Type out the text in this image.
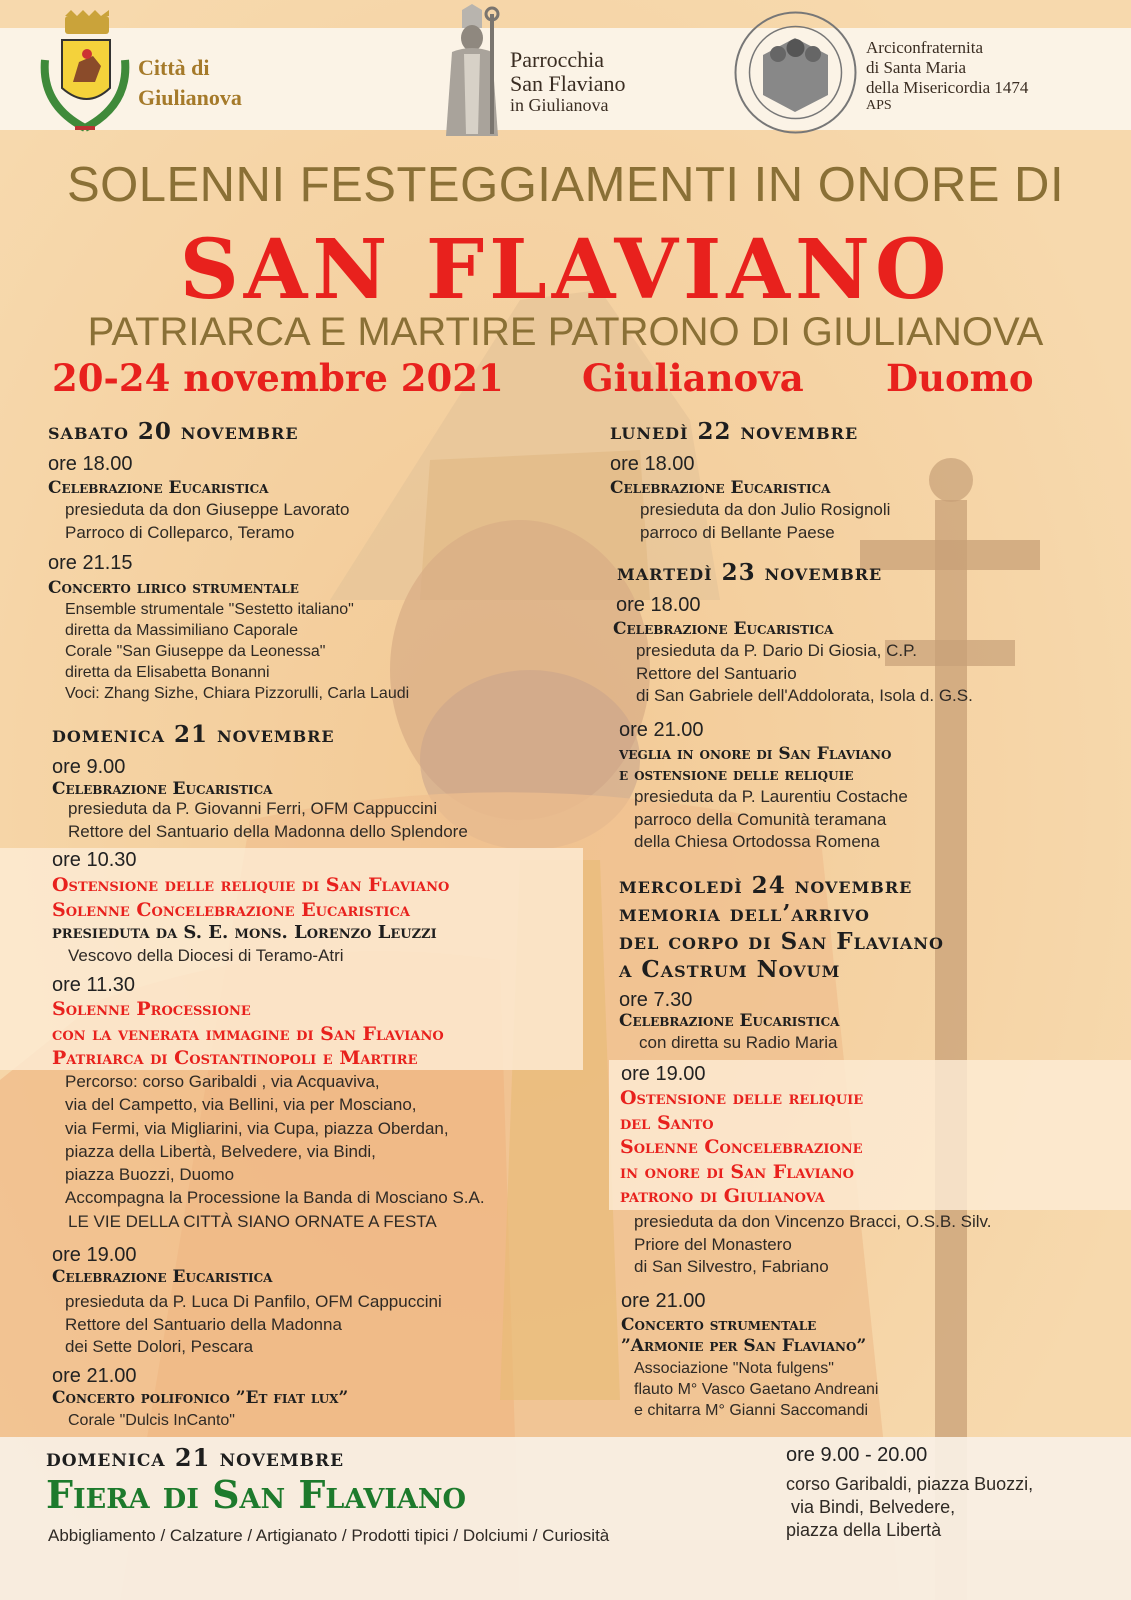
Città di
Giulianova
Parrocchia
San Flaviano
in Giulianova
Arciconfraternita
di Santa Maria
della Misericordia 1474
APS
SOLENNI FESTEGGIAMENTI IN ONORE DI
SAN FLAVIANO
PATRIARCA E MARTIRE PATRONO DI GIULIANOVA
20-24 novembre 2021 Giulianova Duomo
sabato 20 novembre
ore 18.00
Celebrazione Eucaristica
presieduta da don Giuseppe Lavorato
Parroco di Colleparco, Teramo
ore 21.15
Concerto lirico strumentale
Ensemble strumentale "Sestetto italiano"
diretta da Massimiliano Caporale
Corale "San Giuseppe da Leonessa"
diretta da Elisabetta Bonanni
Voci: Zhang Sizhe, Chiara Pizzorulli, Carla Laudi
domenica 21 novembre
ore 9.00
Celebrazione Eucaristica
presieduta da P. Giovanni Ferri, OFM Cappuccini
Rettore del Santuario della Madonna dello Splendore
ore 10.30
Ostensione delle reliquie di San Flaviano
Solenne Concelebrazione Eucaristica
presieduta da S. E. mons. Lorenzo Leuzzi
Vescovo della Diocesi di Teramo-Atri
ore 11.30
Solenne Processione
con la venerata immagine di San Flaviano
Patriarca di Costantinopoli e Martire
Percorso: corso Garibaldi , via Acquaviva,
via del Campetto, via Bellini, via per Mosciano,
via Fermi, via Migliarini, via Cupa, piazza Oberdan,
piazza della Libertà, Belvedere, via Bindi,
piazza Buozzi, Duomo
Accompagna la Processione la Banda di Mosciano S.A.
LE VIE DELLA CITTÀ SIANO ORNATE A FESTA
ore 19.00
Celebrazione Eucaristica
presieduta da P. Luca Di Panfilo, OFM Cappuccini
Rettore del Santuario della Madonna
dei Sette Dolori, Pescara
ore 21.00
Concerto polifonico ”Et fiat lux”
Corale "Dulcis InCanto"
lunedì 22 novembre
ore 18.00
Celebrazione Eucaristica
presieduta da don Julio Rosignoli
parroco di Bellante Paese
martedì 23 novembre
ore 18.00
Celebrazione Eucaristica
presieduta da P. Dario Di Giosia, C.P.
Rettore del Santuario
di San Gabriele dell'Addolorata, Isola d. G.S.
ore 21.00
veglia in onore di San Flaviano
e ostensione delle reliquie
presieduta da P. Laurentiu Costache
parroco della Comunità teramana
della Chiesa Ortodossa Romena
mercoledì 24 novembre
memoria dell’arrivo
del corpo di San Flaviano
a Castrum Novum
ore 7.30
Celebrazione Eucaristica
con diretta su Radio Maria
ore 19.00
Ostensione delle reliquie
del Santo
Solenne Concelebrazione
in onore di San Flaviano
patrono di Giulianova
presieduta da don Vincenzo Bracci, O.S.B. Silv.
Priore del Monastero
di San Silvestro, Fabriano
ore 21.00
Concerto strumentale
”Armonie per San Flaviano”
Associazione "Nota fulgens"
flauto M° Vasco Gaetano Andreani
e chitarra M° Gianni Saccomandi
domenica 21 novembre
Fiera di San Flaviano
Abbigliamento / Calzature / Artigianato / Prodotti tipici / Dolciumi / Curiosità
ore 9.00 - 20.00
corso Garibaldi, piazza Buozzi,
via Bindi, Belvedere,
piazza della Libertà
